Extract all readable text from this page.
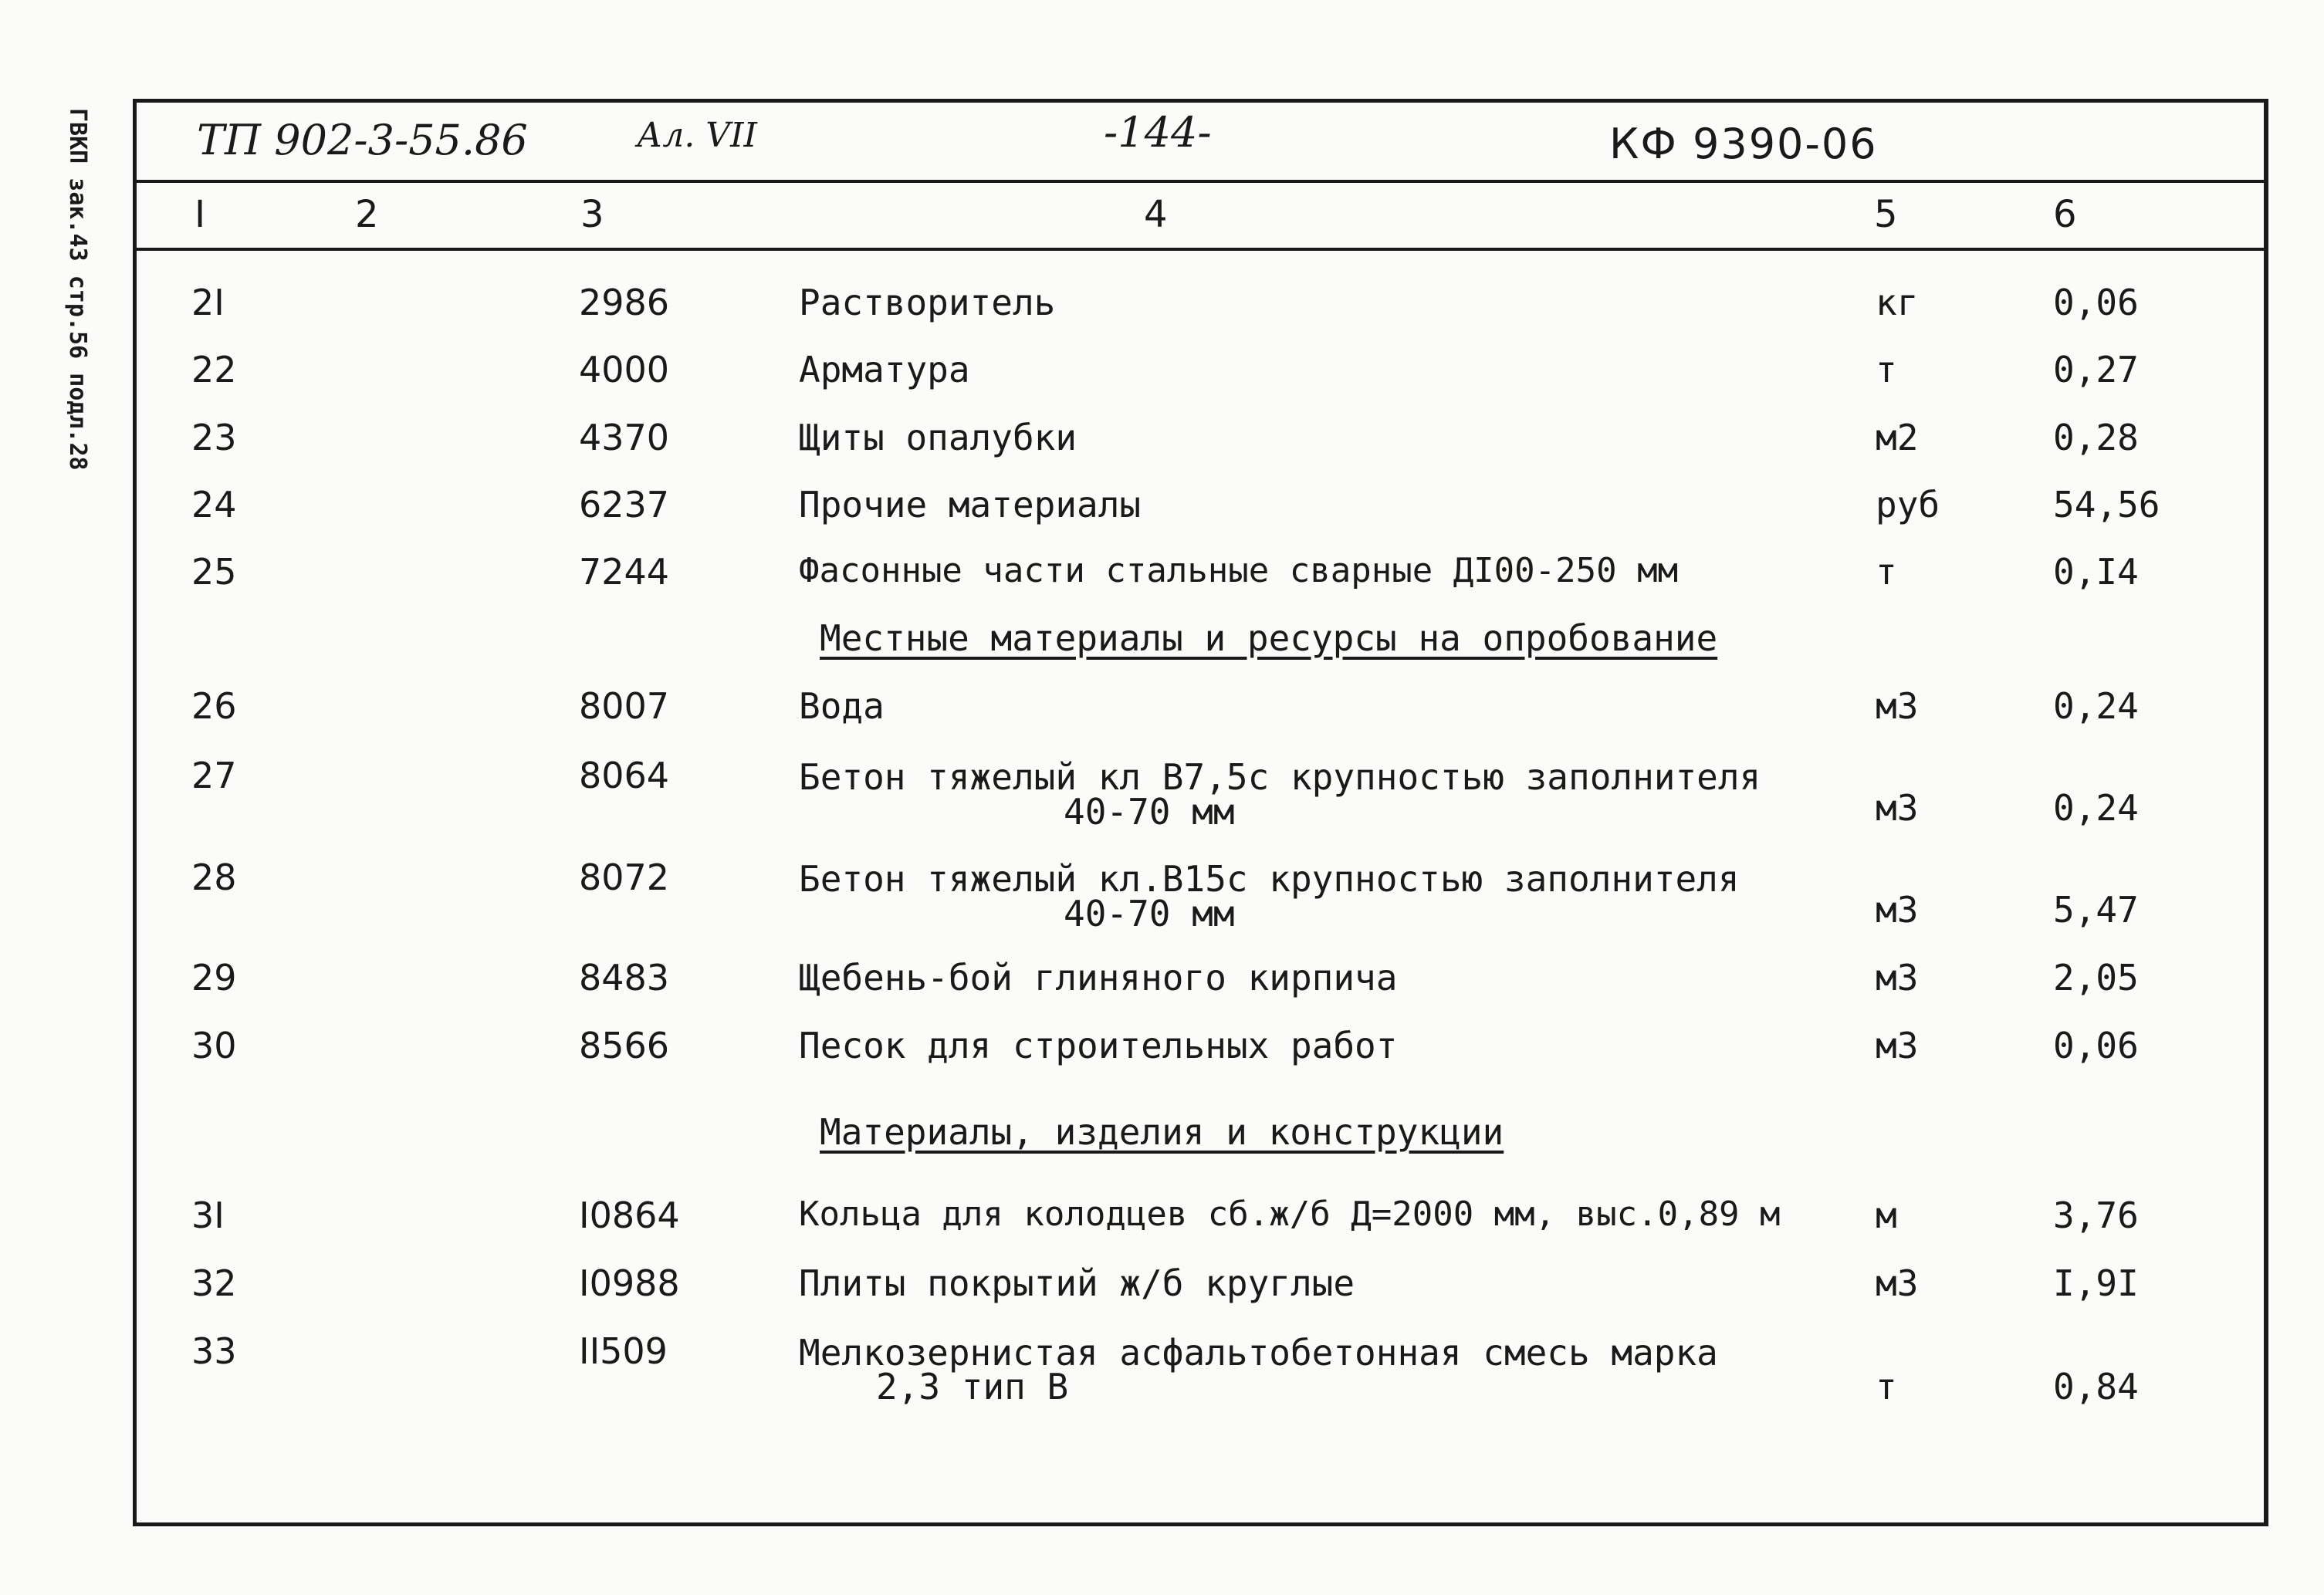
ГВКП зак.43 стр.56 подл.28	ТП 902-3-55.86	Ал. VII	-144-	КФ 9390-06
I	2	3	4	5	6
2I	2986	Растворитель	кг	0,06
22	4000	Арматура	т	0,27
23	4370	Щиты опалубки	м2	0,28
24	6237	Прочие материалы	руб	54,56
25	7244	Фасонные части стальные сварные ДI00-250 мм	т	0,I4
Местные материалы и ресурсы на опробование
26	8007	Вода	м3	0,24
27	8064	Бетон тяжелый кл В7,5с крупностью заполнителя
40-70 мм	м3	0,24
28	8072	Бетон тяжелый кл.В15с крупностью заполнителя
40-70 мм	м3	5,47
29	8483	Щебень-бой глиняного кирпича	м3	2,05
30	8566	Песок для строительных работ	м3	0,06
Материалы, изделия и конструкции
3I	I0864	Кольца для колодцев сб.ж/б Д=2000 мм, выс.0,89 м	м	3,76
32	I0988	Плиты покрытий ж/б круглые	м3	I,9I
33	II509	Мелкозернистая асфальтобетонная смесь марка
2,3 тип В	т	0,84
